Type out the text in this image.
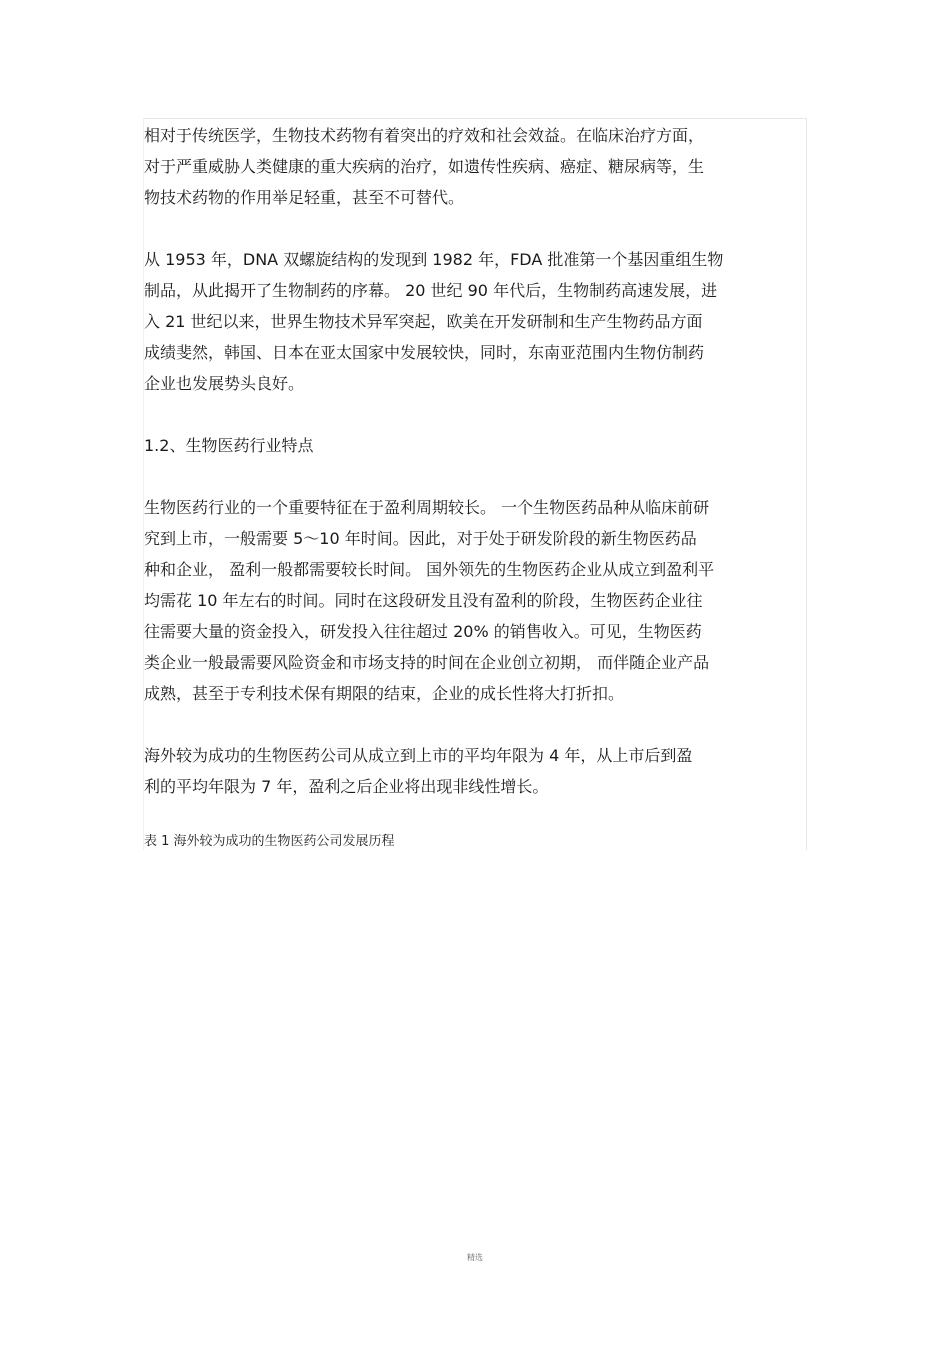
相对于传统医学，生物技术药物有着突出的疗效和社会效益。在临床治疗方面，
对于严重威胁人类健康的重大疾病的治疗，如遗传性疾病、癌症、糖尿病等，生
物技术药物的作用举足轻重，甚至不可替代。

从 1953 年，DNA 双螺旋结构的发现到 1982 年，FDA 批准第一个基因重组生物
制品，从此揭开了生物制药的序幕。 20 世纪 90 年代后，生物制药高速发展，进
入 21 世纪以来，世界生物技术异军突起，欧美在开发研制和生产生物药品方面
成绩斐然，韩国、日本在亚太国家中发展较快，同时，东南亚范围内生物仿制药
企业也发展势头良好。

1.2、生物医药行业特点

生物医药行业的一个重要特征在于盈利周期较长。 一个生物医药品种从临床前研
究到上市，一般需要 5～10 年时间。因此，对于处于研发阶段的新生物医药品
种和企业， 盈利一般都需要较长时间。 国外领先的生物医药企业从成立到盈利平
均需花 10 年左右的时间。同时在这段研发且没有盈利的阶段，生物医药企业往
往需要大量的资金投入，研发投入往往超过 20% 的销售收入。可见，生物医药
类企业一般最需要风险资金和市场支持的时间在企业创立初期， 而伴随企业产品
成熟，甚至于专利技术保有期限的结束，企业的成长性将大打折扣。

海外较为成功的生物医药公司从成立到上市的平均年限为 4 年，从上市后到盈
利的平均年限为 7 年，盈利之后企业将出现非线性增长。

表 1 海外较为成功的生物医药公司发展历程

精选
